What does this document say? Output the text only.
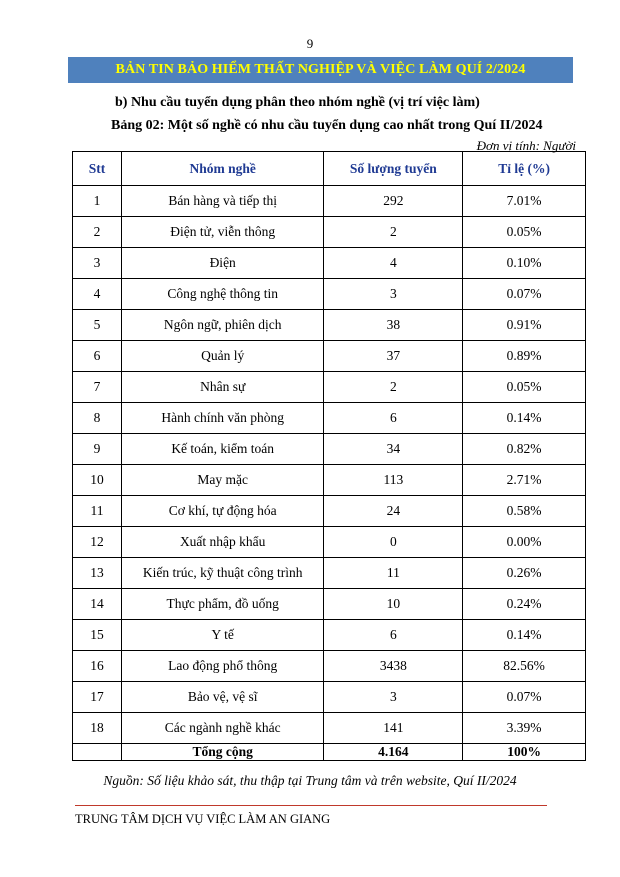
9
BẢN TIN BẢO HIỂM THẤT NGHIỆP VÀ VIỆC LÀM QUÍ 2/2024
b) Nhu cầu tuyển dụng phân theo nhóm nghề (vị trí việc làm)
Bảng 02: Một số nghề có nhu cầu tuyển dụng cao nhất trong Quí II/2024
Đơn vị tính: Người
Stt	Nhóm nghề	Số lượng tuyển	Tỉ lệ (%)
1	Bán hàng và tiếp thị	292	7.01%
2	Điện tử, viễn thông	2	0.05%
3	Điện	4	0.10%
4	Công nghệ thông tin	3	0.07%
5	Ngôn ngữ, phiên dịch	38	0.91%
6	Quản lý	37	0.89%
7	Nhân sự	2	0.05%
8	Hành chính văn phòng	6	0.14%
9	Kế toán, kiểm toán	34	0.82%
10	May mặc	113	2.71%
11	Cơ khí, tự động hóa	24	0.58%
12	Xuất nhập khẩu	0	0.00%
13	Kiến trúc, kỹ thuật công trình	11	0.26%
14	Thực phẩm, đồ uống	10	0.24%
15	Y tế	6	0.14%
16	Lao động phổ thông	3438	82.56%
17	Bảo vệ, vệ sĩ	3	0.07%
18	Các ngành nghề khác	141	3.39%
	Tổng cộng	4.164	100%
Nguồn: Số liệu khảo sát, thu thập tại Trung tâm và trên website, Quí II/2024
TRUNG TÂM DỊCH VỤ VIỆC LÀM AN GIANG
